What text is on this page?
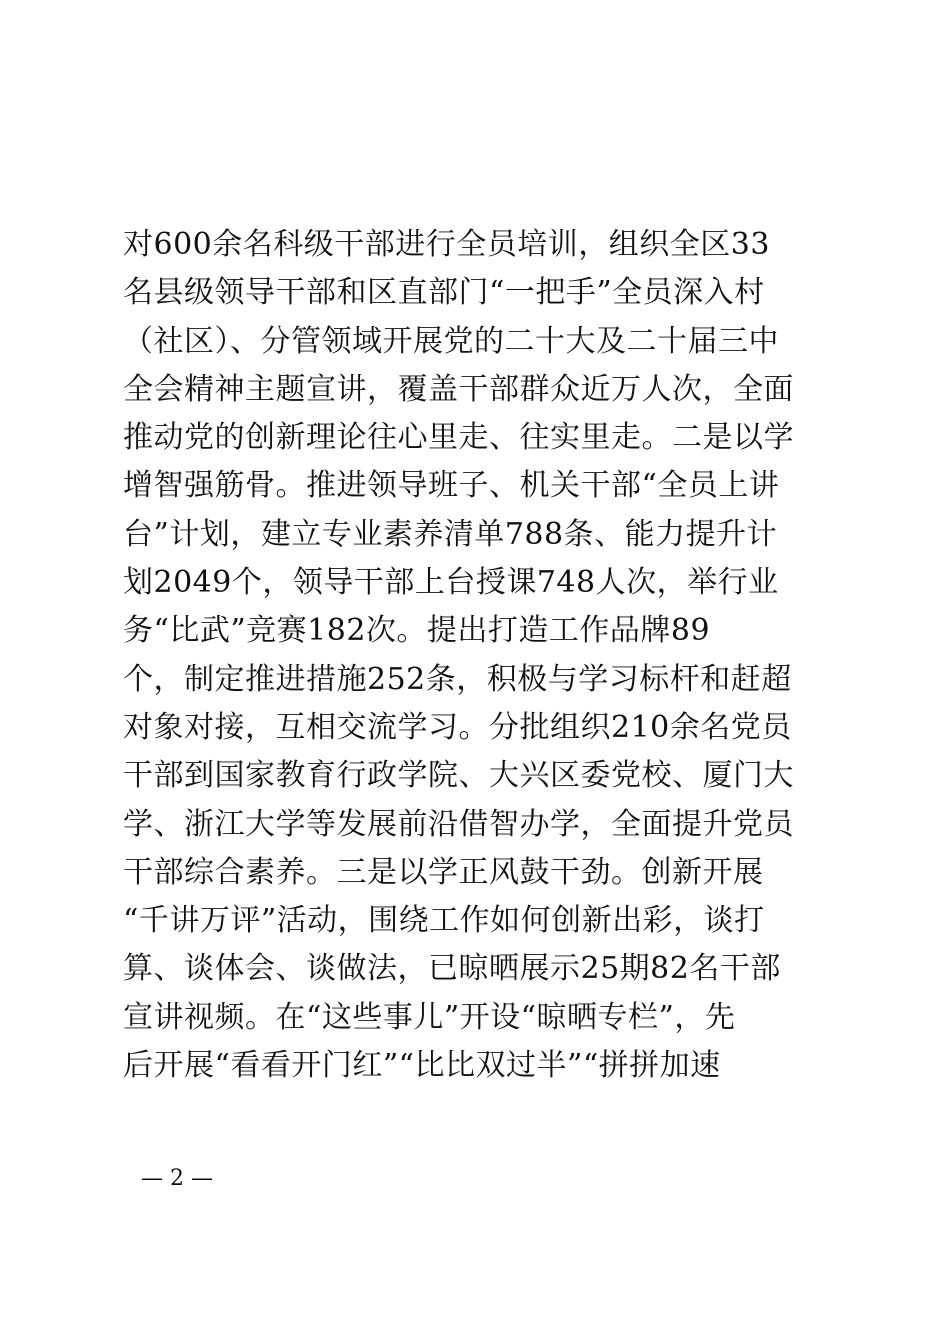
对600余名科级干部进行全员培训，组织全区33
名县级领导干部和区直部门“一把手”全员深入村
（社区）、分管领域开展党的二十大及二十届三中
全会精神主题宣讲，覆盖干部群众近万人次，全面
推动党的创新理论往心里走、往实里走。二是以学
增智强筋骨。推进领导班子、机关干部“全员上讲
台”计划，建立专业素养清单788条、能力提升计
划2049个，领导干部上台授课748人次，举行业
务“比武”竞赛182次。提出打造工作品牌89
个，制定推进措施252条，积极与学习标杆和赶超
对象对接，互相交流学习。分批组织210余名党员
干部到国家教育行政学院、大兴区委党校、厦门大
学、浙江大学等发展前沿借智办学，全面提升党员
干部综合素养。三是以学正风鼓干劲。创新开展
“千讲万评”活动，围绕工作如何创新出彩，谈打
算、谈体会、谈做法，已晾晒展示25期82名干部
宣讲视频。在“这些事儿”开设“晾晒专栏”，先
后开展“看看开门红”“比比双过半”“拼拼加速
— 2 —
